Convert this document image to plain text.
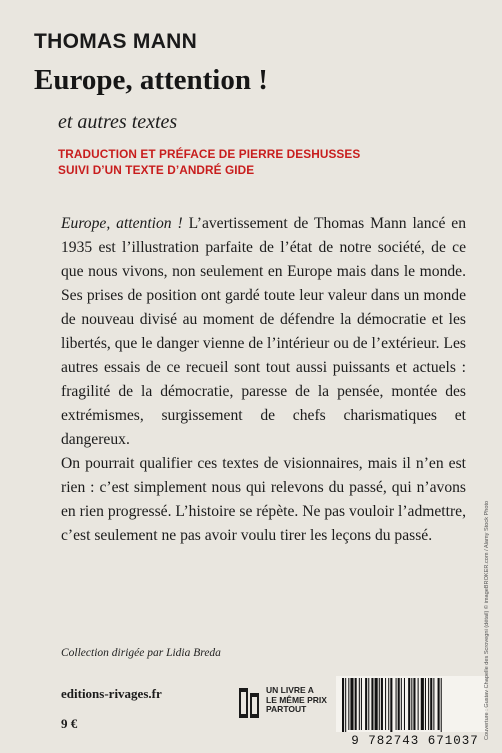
THOMAS MANN
Europe, attention !
et autres textes
TRADUCTION ET PRÉFACE DE PIERRE DESHUSSES
SUIVI D’UN TEXTE D’ANDRÉ GIDE

Europe, attention ! L’avertissement de Thomas Mann lancé en 1935 est l’illustration parfaite de l’état de notre société, de ce que nous vivons, non seulement en Europe mais dans le monde. Ses prises de position ont gardé toute leur valeur dans un monde de nouveau divisé au moment de défendre la démocratie et les libertés, que le danger vienne de l’intérieur ou de l’extérieur. Les autres essais de ce recueil sont tout aussi puissants et actuels : fragilité de la démocratie, paresse de la pensée, montée des extrémismes, surgissement de chefs charismatiques et dangereux.

On pourrait qualifier ces textes de visionnaires, mais il n’en est rien : c’est simplement nous qui relevons du passé, qui n’avons en rien progressé. L’histoire se répète. Ne pas vouloir l’admettre, c’est seulement ne pas avoir voulu tirer les leçons du passé.

Collection dirigée par Lidia Breda
editions-rivages.fr
9 €
UN LIVRE A
LE MÊME PRIX
PARTOUT
9 782743 671037
Couverture : Gustav Chapelle des Scrovegni (détail) © imageBROKER.com / Alamy Stock Photo
